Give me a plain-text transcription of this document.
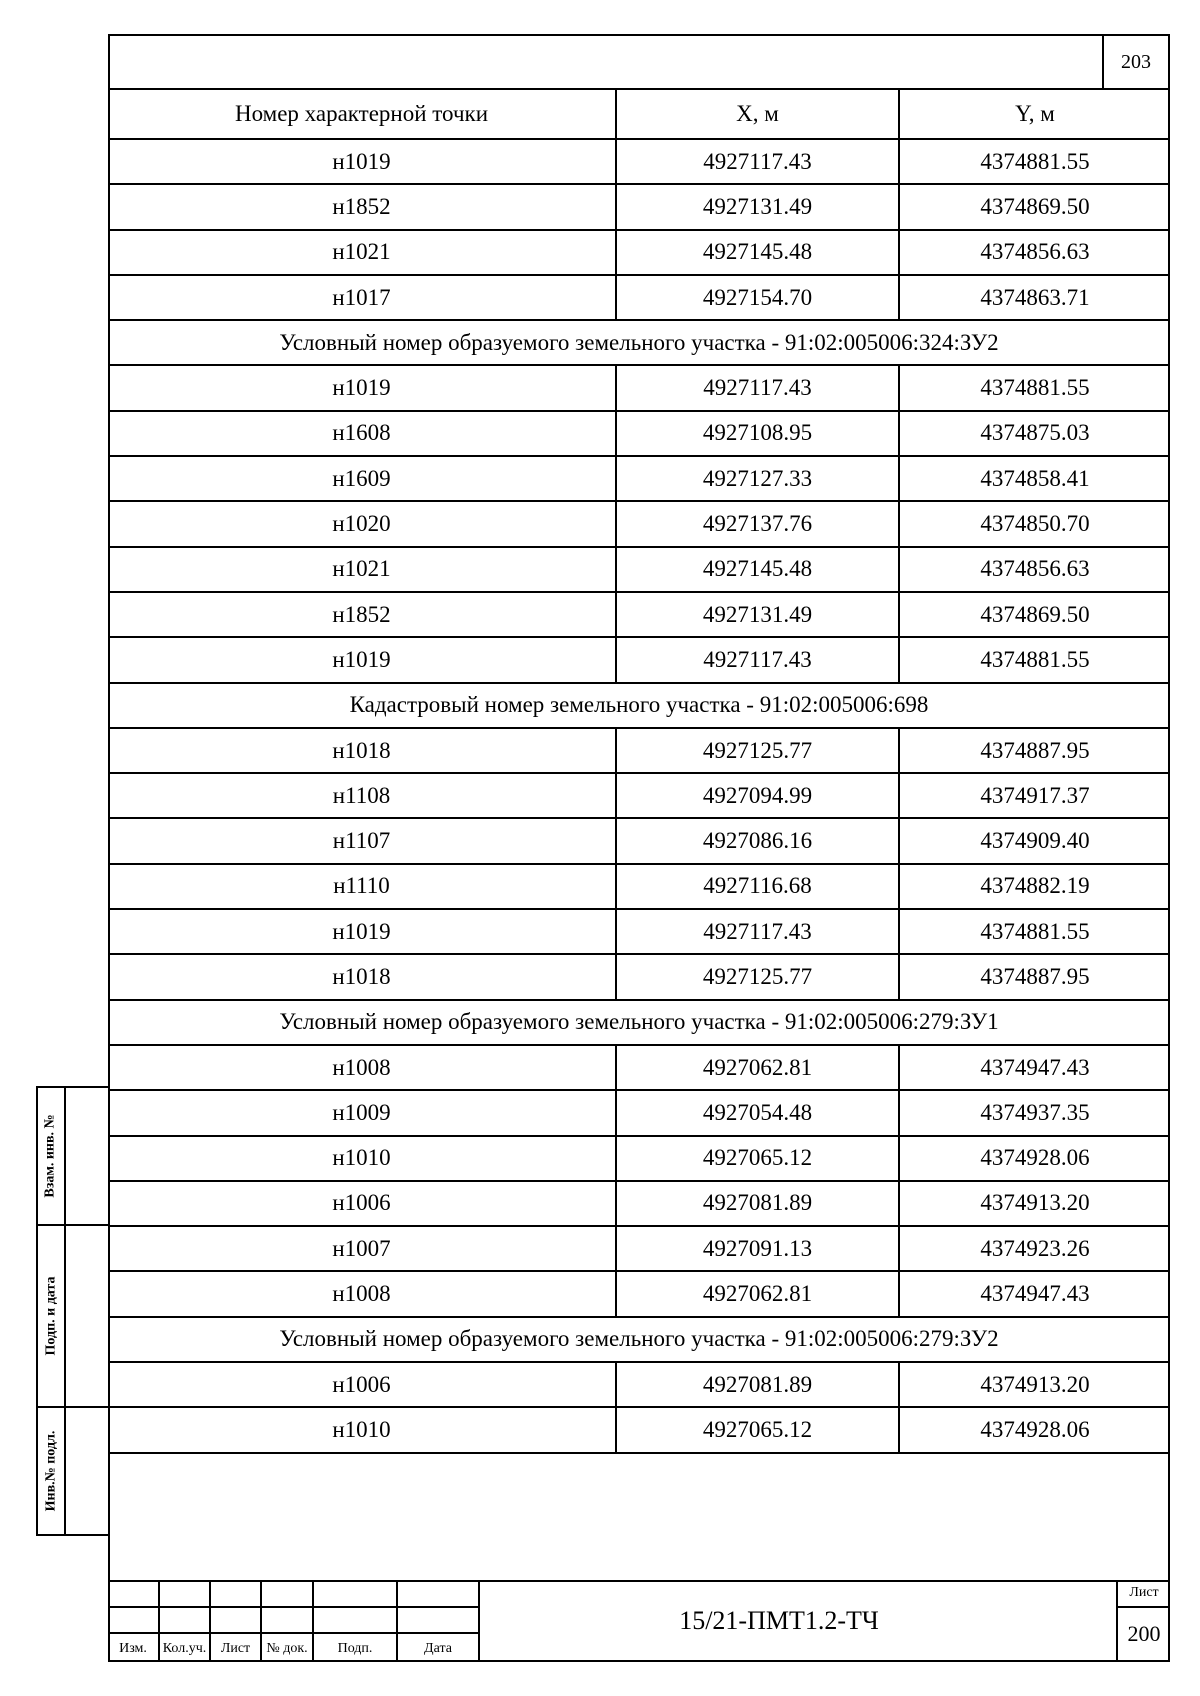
203
Номер характерной точки	X, м	Y, м
н1019	4927117.43	4374881.55
н1852	4927131.49	4374869.50
н1021	4927145.48	4374856.63
н1017	4927154.70	4374863.71
Условный номер образуемого земельного участка - 91:02:005006:324:ЗУ2		
н1019	4927117.43	4374881.55
н1608	4927108.95	4374875.03
н1609	4927127.33	4374858.41
н1020	4927137.76	4374850.70
н1021	4927145.48	4374856.63
н1852	4927131.49	4374869.50
н1019	4927117.43	4374881.55
Кадастровый номер земельного участка - 91:02:005006:698		
н1018	4927125.77	4374887.95
н1108	4927094.99	4374917.37
н1107	4927086.16	4374909.40
н1110	4927116.68	4374882.19
н1019	4927117.43	4374881.55
н1018	4927125.77	4374887.95
Условный номер образуемого земельного участка - 91:02:005006:279:ЗУ1		
н1008	4927062.81	4374947.43
н1009	4927054.48	4374937.35
н1010	4927065.12	4374928.06
н1006	4927081.89	4374913.20
н1007	4927091.13	4374923.26
н1008	4927062.81	4374947.43
Условный номер образуемого земельного участка - 91:02:005006:279:ЗУ2		
н1006	4927081.89	4374913.20
н1010	4927065.12	4374928.06
Взам. инв. №
Подп. и дата
Инв.№ подл.
Изм.	Кол.уч.	Лист	№ док.	Подп.	Дата
15/21-ПМТ1.2-ТЧ
Лист
200
